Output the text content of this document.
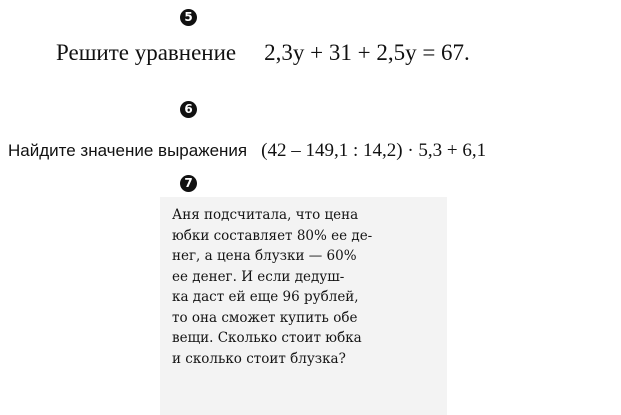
5
Решите уравнение 2,3y + 31 + 2,5y = 67.
6
Найдите значение выражения (42 – 149,1 : 14,2) · 5,3 + 6,1
7
Аня подсчитала, что цена
юбки составляет 80% ее де-
нег, а цена блузки — 60%
ее денег. И если дедуш-
ка даст ей еще 96 рублей,
то она сможет купить обе
вещи. Сколько стоит юбка
и сколько стоит блузка?
